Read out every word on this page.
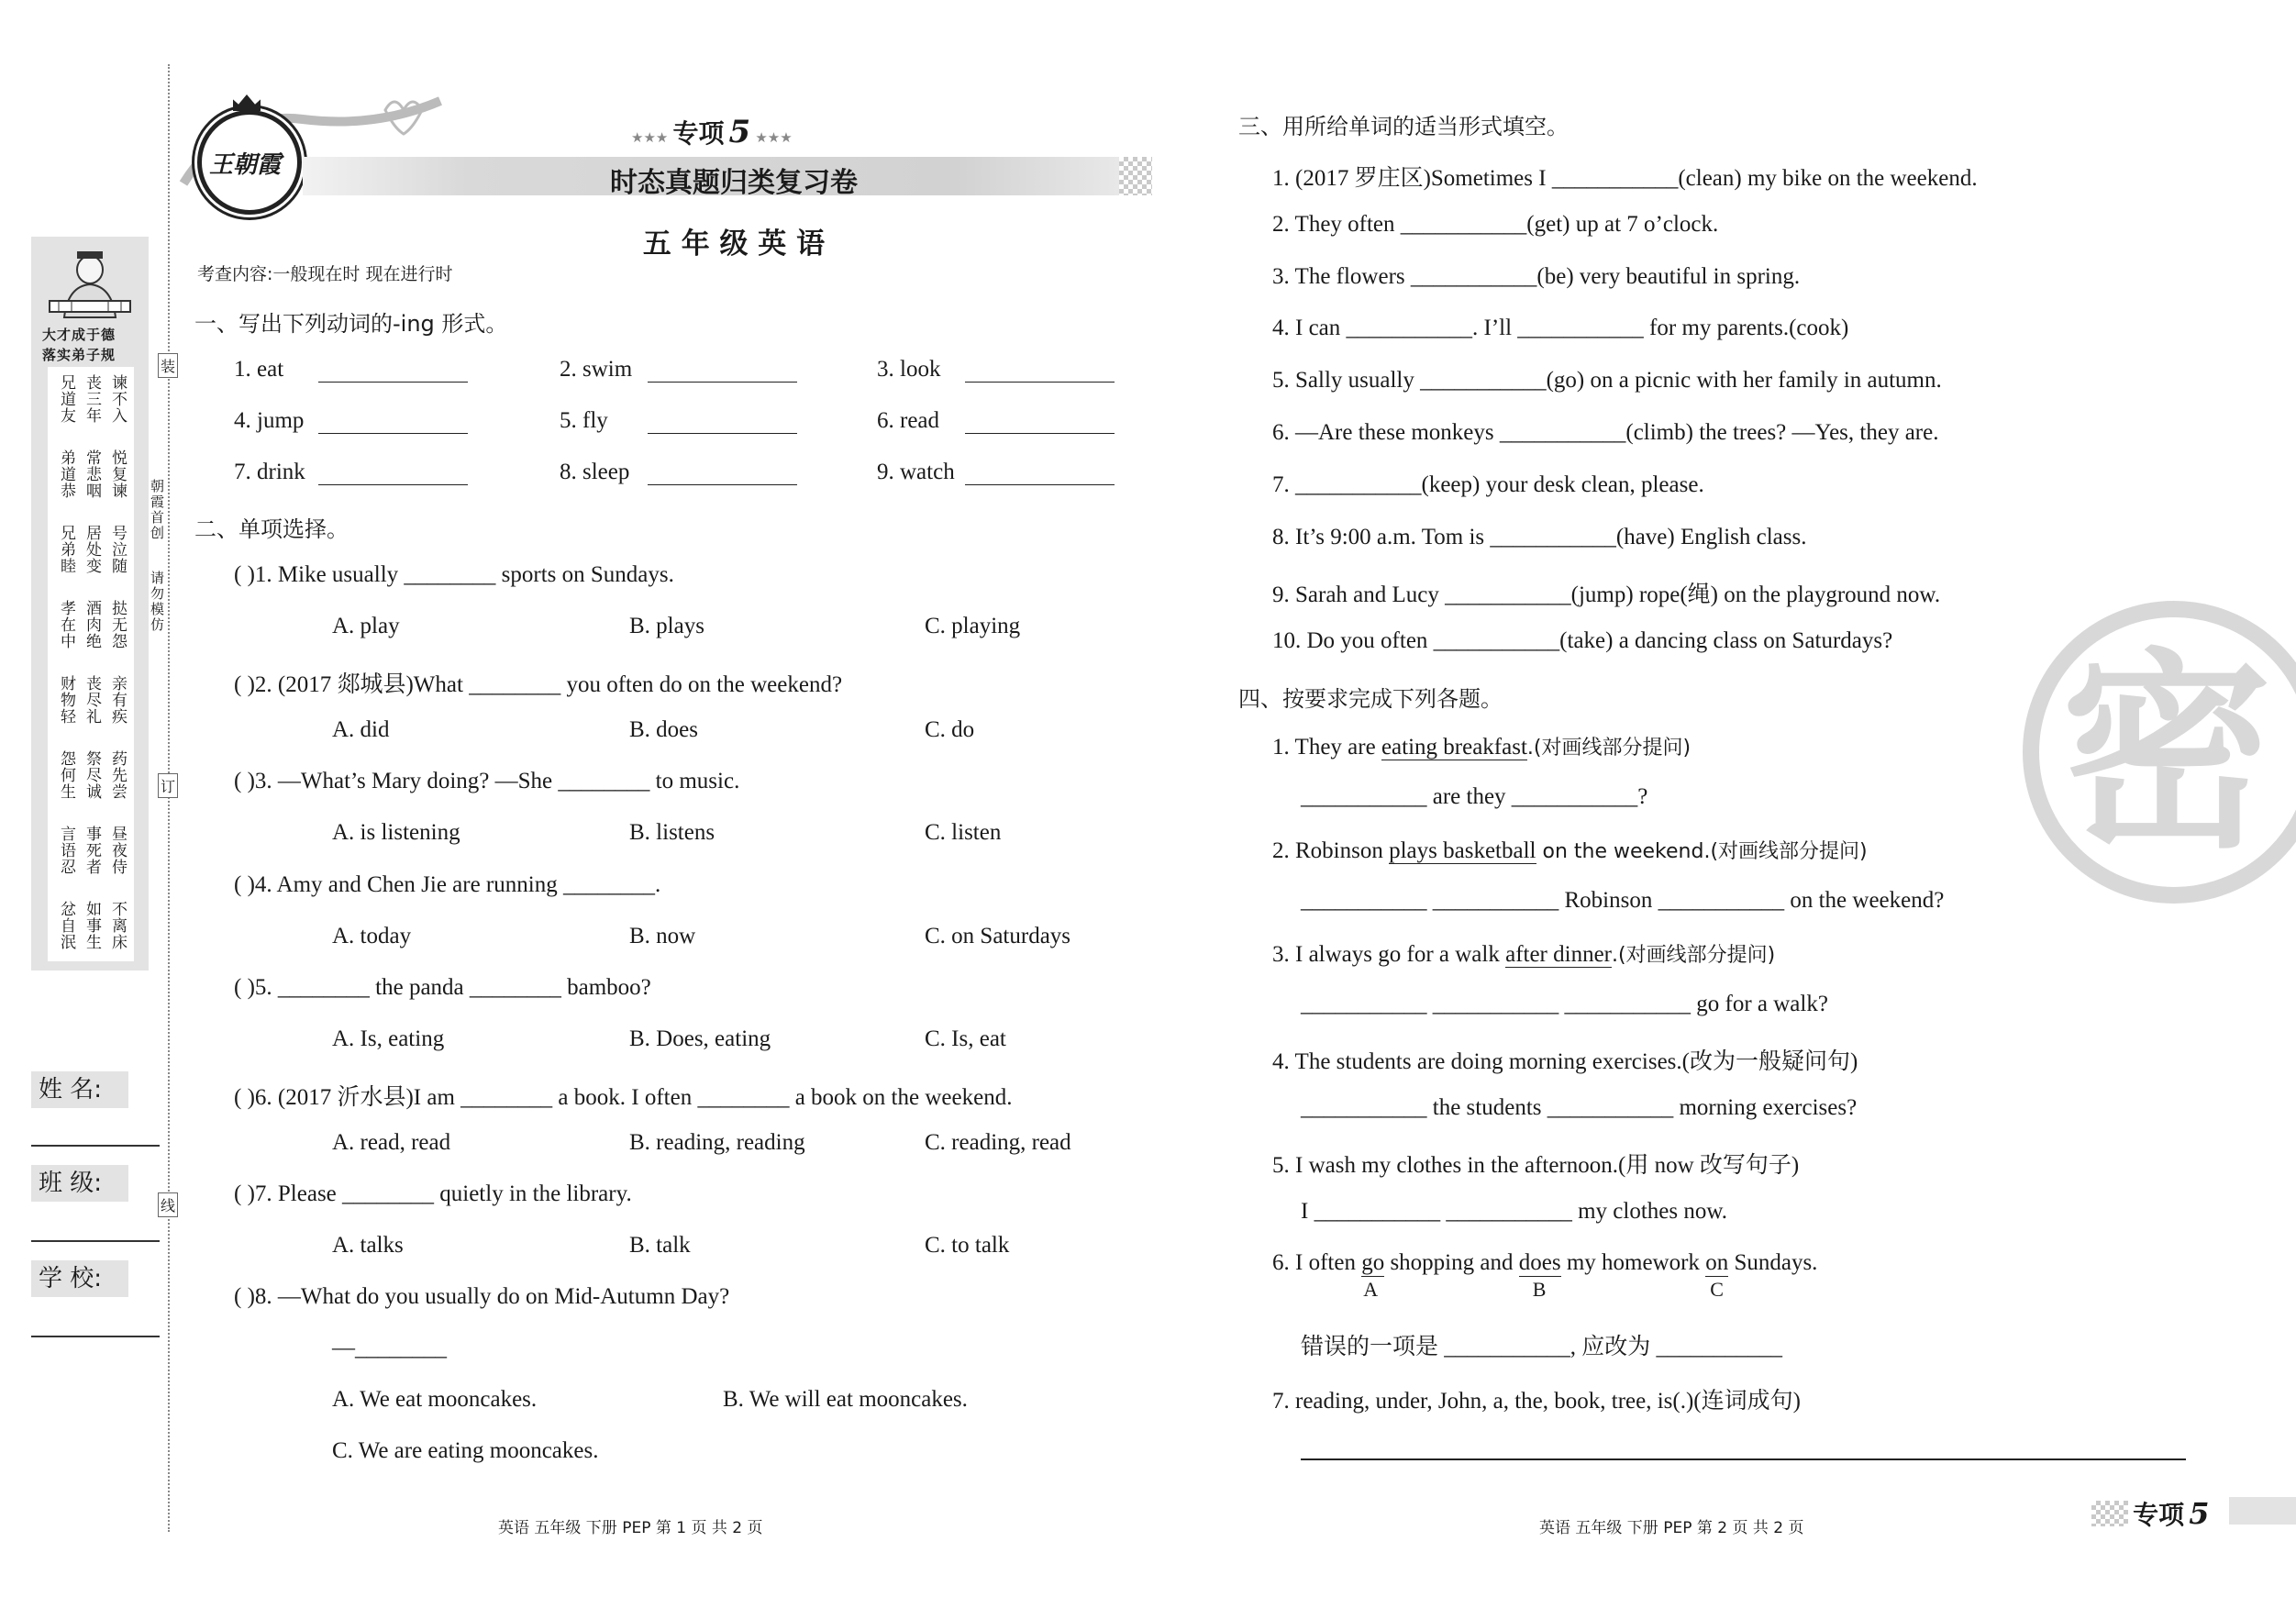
大才成于德
落实弟子规
装
订
线
朝霞首创
请勿模仿
姓 名:
班 级:
学 校:
王朝霞
★★★ 专项 5 ★★★
时态真题归类复习卷
五 年 级 英 语
考查内容:一般现在时 现在进行时
一、写出下列动词的-ing 形式。
二、单项选择。
( )8. —What do you usually do on Mid-Autumn Day?
—________
A. We eat mooncakes.	B. We will eat mooncakes.
C. We are eating mooncakes.
英语 五年级 下册 PEP 第 1 页 共 2 页
密
三、用所给单词的适当形式填空。
四、按要求完成下列各题。
1. They are eating breakfast.(对画线部分提问)
___________ are they ___________?
2. Robinson plays basketball on the weekend.(对画线部分提问)
___________ ___________ Robinson ___________ on the weekend?
3. I always go for a walk after dinner.(对画线部分提问)
___________ ___________ ___________ go for a walk?
4. The students are doing morning exercises.(改为一般疑问句)
___________ the students ___________ morning exercises?
5. I wash my clothes in the afternoon.(用 now 改写句子)
I ___________ ___________ my clothes now.
6. I often go
A
shopping and does
B
my homework on
C
Sundays.
错误的一项是 ___________, 应改为 ___________
7. reading, under, John, a, the, book, tree, is(.)(连词成句)
英语 五年级 下册 PEP 第 2 页 共 2 页	专项 5
兄道友 丧三年 谏不入
弟道恭 常悲咽 悦复谏
兄弟睦 居处变 号泣随
孝在中 酒肉绝 挞无怨
财物轻 丧尽礼 亲有疾
怨何生 祭尽诚 药先尝
言语忍 事死者 昼夜侍
忿自泯 如事生 不离床
1. eat	2. swim	3. look
4. jump	5. fly	6. read
7. drink	8. sleep	9. watch
( )1. Mike usually ________ sports on Sundays.
A. play	B. plays	C. playing
( )2. (2017 郯城县)What ________ you often do on the weekend?
A. did	B. does	C. do
( )3. —What’s Mary doing? —She ________ to music.
A. is listening	B. listens	C. listen
( )4. Amy and Chen Jie are running ________.
A. today	B. now	C. on Saturdays
( )5. ________ the panda ________ bamboo?
A. Is, eating	B. Does, eating	C. Is, eat
( )6. (2017 沂水县)I am ________ a book. I often ________ a book on the weekend.
A. read, read	B. reading, reading	C. reading, read
( )7. Please ________ quietly in the library.
A. talks	B. talk	C. to talk
1. (2017 罗庄区)Sometimes I ___________(clean) my bike on the weekend.
2. They often ___________(get) up at 7 o’clock.
3. The flowers ___________(be) very beautiful in spring.
4. I can ___________. I’ll ___________ for my parents.(cook)
5. Sally usually ___________(go) on a picnic with her family in autumn.
6. —Are these monkeys ___________(climb) the trees? —Yes, they are.
7. ___________(keep) your desk clean, please.
8. It’s 9:00 a.m. Tom is ___________(have) English class.
9. Sarah and Lucy ___________(jump) rope(绳) on the playground now.
10. Do you often ___________(take) a dancing class on Saturdays?
